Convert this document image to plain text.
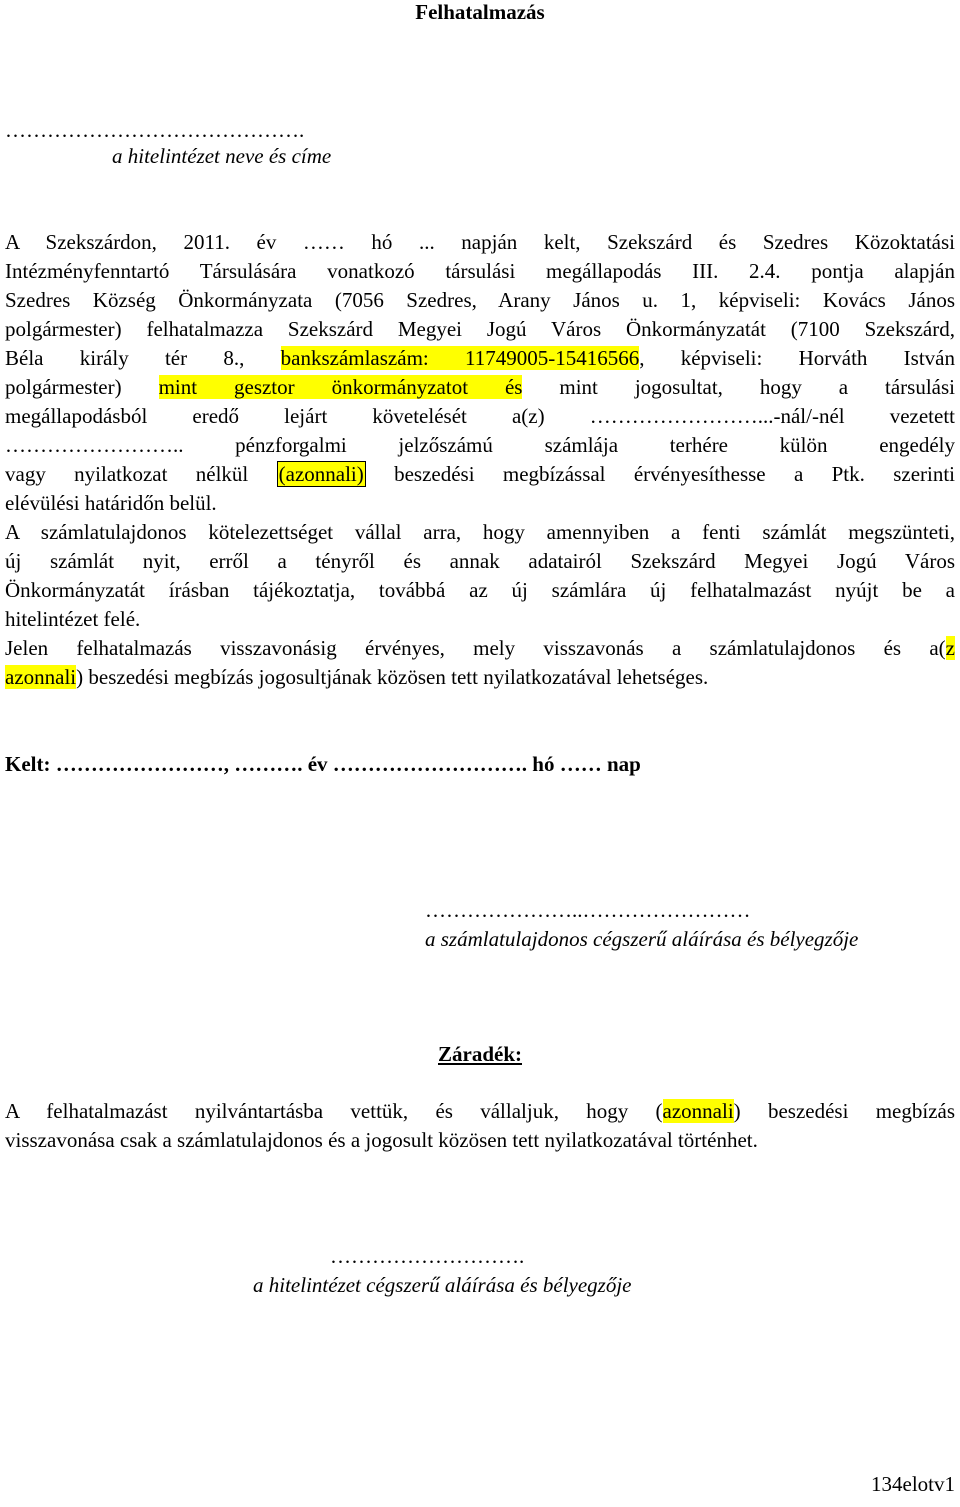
Felhatalmazás

…………………………………….

a hitelintézet neve és címe

A Szekszárdon, 2011. év …… hó ... napján kelt, Szekszárd és Szedres Közoktatási

Intézményfenntartó Társulására vonatkozó társulási megállapodás III. 2.4. pontja alapján

Szedres Község Önkormányzata (7056 Szedres, Arany János u. 1, képviseli: Kovács János

polgármester) felhatalmazza Szekszárd Megyei Jogú Város Önkormányzatát (7100 Szekszárd,

Béla király tér 8., bankszámlaszám: 11749005-15416566, képviseli: Horváth István

polgármester) mint gesztor önkormányzatot és mint jogosultat, hogy a társulási

megállapodásból eredő lejárt követelését a(z) ……………………...-nál/-nél vezetett

…………………….. pénzforgalmi jelzőszámú számlája terhére külön engedély

vagy nyilatkozat nélkül (azonnali) beszedési megbízással érvényesíthesse a Ptk. szerinti

elévülési határidőn belül.

A számlatulajdonos kötelezettséget vállal arra, hogy amennyiben a fenti számlát megszünteti,

új számlát nyit, erről a tényről és annak adatairól Szekszárd Megyei Jogú Város

Önkormányzatát írásban tájékoztatja, továbbá az új számlára új felhatalmazást nyújt be a

hitelintézet felé.

Jelen felhatalmazás visszavonásig érvényes, mely visszavonás a számlatulajdonos és a(z

azonnali) beszedési megbízás jogosultjának közösen tett nyilatkozatával lehetséges.

Kelt: ……………………, ………. év ………………………. hó …… nap

…………………..……………………

a számlatulajdonos cégszerű aláírása és bélyegzője

Záradék:

A felhatalmazást nyilvántartásba vettük, és vállaljuk, hogy (azonnali) beszedési megbízás

visszavonása csak a számlatulajdonos és a jogosult közösen tett nyilatkozatával történhet.

……………………….

a hitelintézet cégszerű aláírása és bélyegzője

134elotv1
